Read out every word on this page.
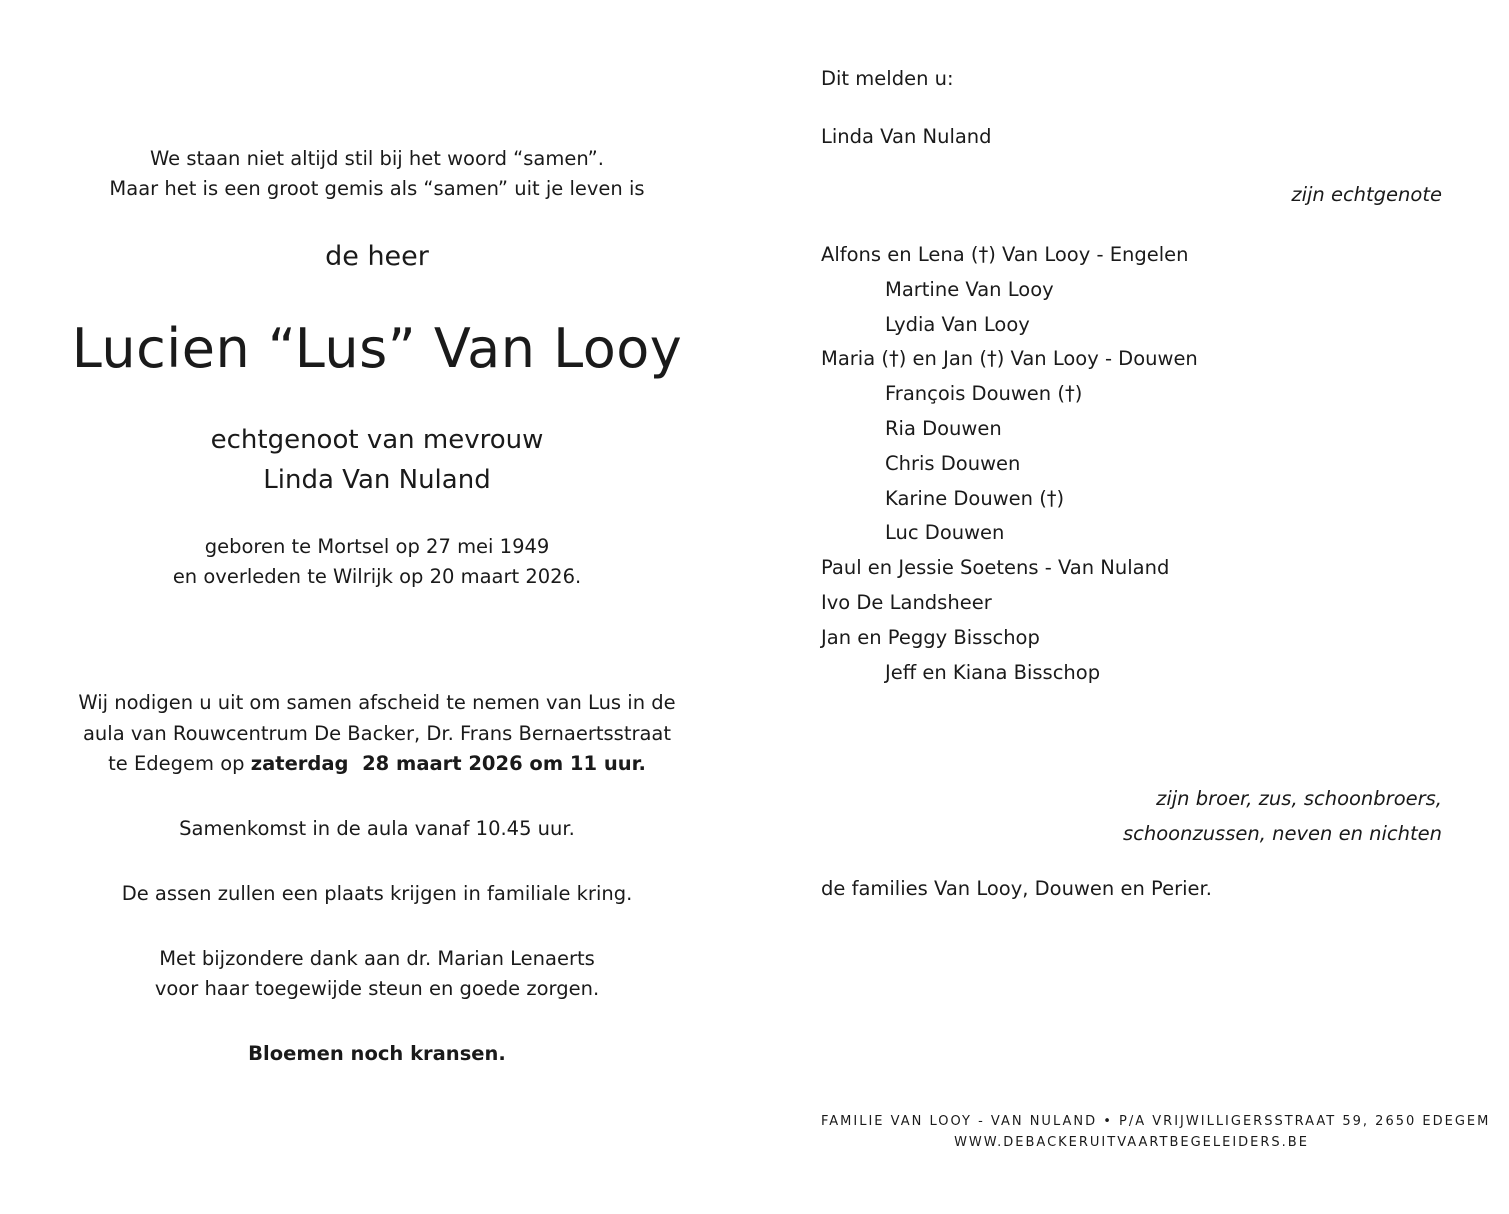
We staan niet altijd stil bij het woord “samen”.
Maar het is een groot gemis als “samen” uit je leven is
de heer
Lucien “Lus” Van Looy
echtgenoot van mevrouw
Linda Van Nuland
geboren te Mortsel op 27 mei 1949
en overleden te Wilrijk op 20 maart 2026.
Wij nodigen u uit om samen afscheid te nemen van Lus in de
aula van Rouwcentrum De Backer, Dr. Frans Bernaertsstraat
te Edegem op zaterdag  28 maart 2026 om 11 uur.
Samenkomst in de aula vanaf 10.45 uur.
De assen zullen een plaats krijgen in familiale kring.
Met bijzondere dank aan dr. Marian Lenaerts
voor haar toegewijde steun en goede zorgen.
Bloemen noch kransen.
Dit melden u:
Linda Van Nuland
zijn echtgenote
Alfons en Lena (†) Van Looy - Engelen
Martine Van Looy
Lydia Van Looy
Maria (†) en Jan (†) Van Looy - Douwen
François Douwen (†)
Ria Douwen
Chris Douwen
Karine Douwen (†)
Luc Douwen
Paul en Jessie Soetens - Van Nuland
Ivo De Landsheer
Jan en Peggy Bisschop
Jeff en Kiana Bisschop
zijn broer, zus, schoonbroers,
schoonzussen, neven en nichten
de families Van Looy, Douwen en Perier.
FAMILIE VAN LOOY - VAN NULAND • P/A VRIJWILLIGERSSTRAAT 59, 2650 EDEGEM
WWW.DEBACKERUITVAARTBEGELEIDERS.BE
